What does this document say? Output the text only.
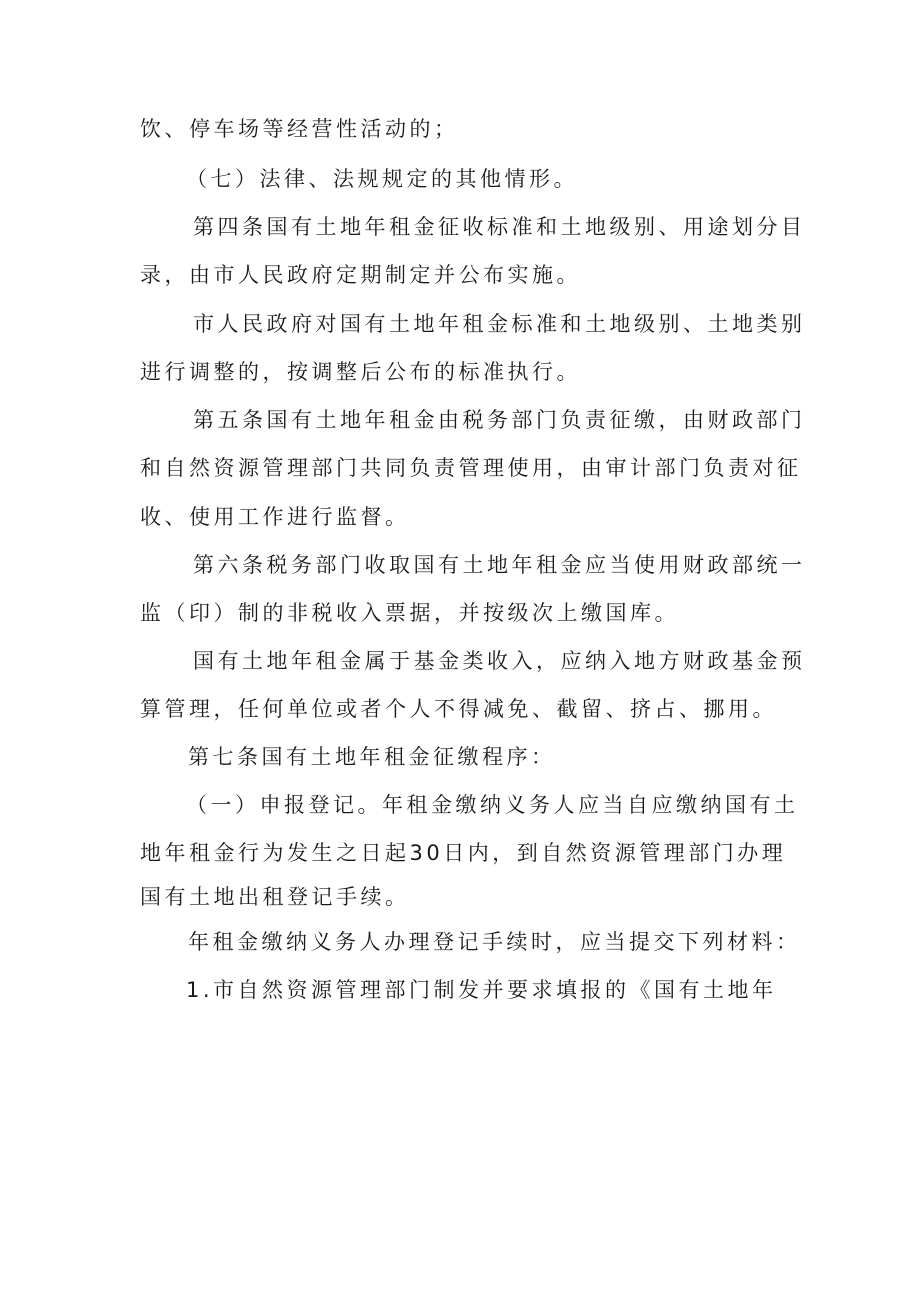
饮、停车场等经营性活动的；
（七）法律、法规规定的其他情形。
第四条国有土地年租金征收标准和土地级别、用途划分目
录，由市人民政府定期制定并公布实施。
市人民政府对国有土地年租金标准和土地级别、土地类别
进行调整的，按调整后公布的标准执行。
第五条国有土地年租金由税务部门负责征缴，由财政部门
和自然资源管理部门共同负责管理使用，由审计部门负责对征
收、使用工作进行监督。
第六条税务部门收取国有土地年租金应当使用财政部统一
监（印）制的非税收入票据，并按级次上缴国库。
国有土地年租金属于基金类收入，应纳入地方财政基金预
算管理，任何单位或者个人不得减免、截留、挤占、挪用。
第七条国有土地年租金征缴程序：
（一）申报登记。年租金缴纳义务人应当自应缴纳国有土
地年租金行为发生之日起30日内，到自然资源管理部门办理
国有土地出租登记手续。
年租金缴纳义务人办理登记手续时，应当提交下列材料：
1.市自然资源管理部门制发并要求填报的《国有土地年
